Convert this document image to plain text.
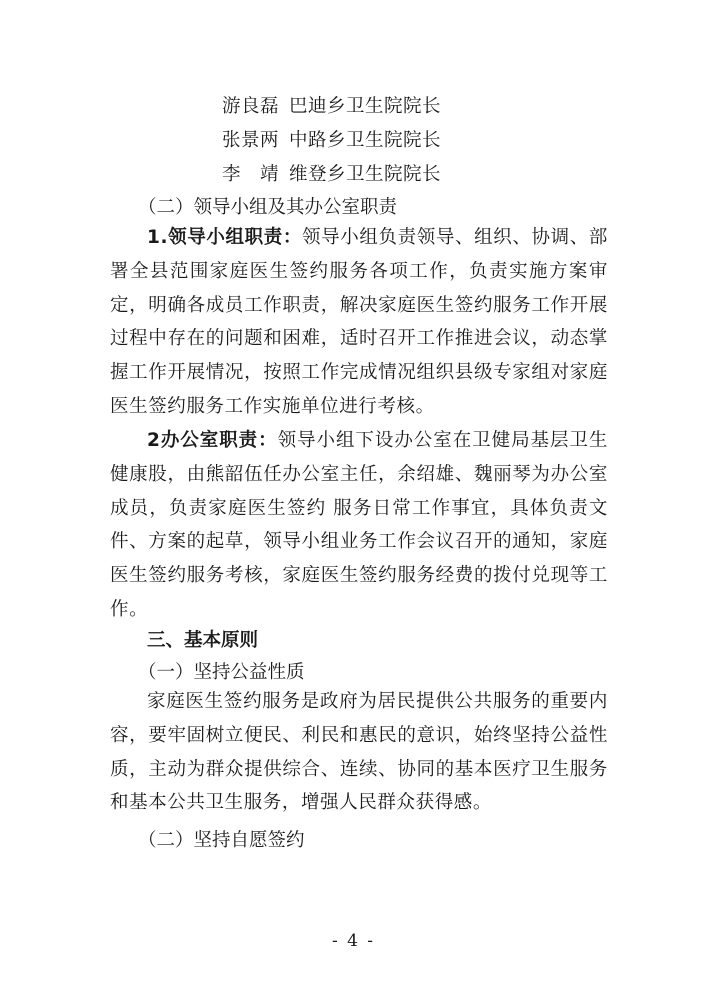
游良磊 巴迪乡卫生院院长
张景两 中路乡卫生院院长
李　靖 维登乡卫生院院长
（二）领导小组及其办公室职责
1.领导小组职责：领导小组负责领导、组织、协调、部署全县范围家庭医生签约服务各项工作，负责实施方案审定，明确各成员工作职责，解决家庭医生签约服务工作开展过程中存在的问题和困难，适时召开工作推进会议，动态掌握工作开展情况，按照工作完成情况组织县级专家组对家庭医生签约服务工作实施单位进行考核。
2办公室职责：领导小组下设办公室在卫健局基层卫生健康股，由熊韶伍任办公室主任，余绍雄、魏丽琴为办公室成员，负责家庭医生签约 服务日常工作事宜，具体负责文件、方案的起草，领导小组业务工作会议召开的通知，家庭医生签约服务考核，家庭医生签约服务经费的拨付兑现等工作。
三、基本原则
（一）坚持公益性质
家庭医生签约服务是政府为居民提供公共服务的重要内容，要牢固树立便民、利民和惠民的意识，始终坚持公益性质，主动为群众提供综合、连续、协同的基本医疗卫生服务和基本公共卫生服务，增强人民群众获得感。
（二）坚持自愿签约
- 4 -
